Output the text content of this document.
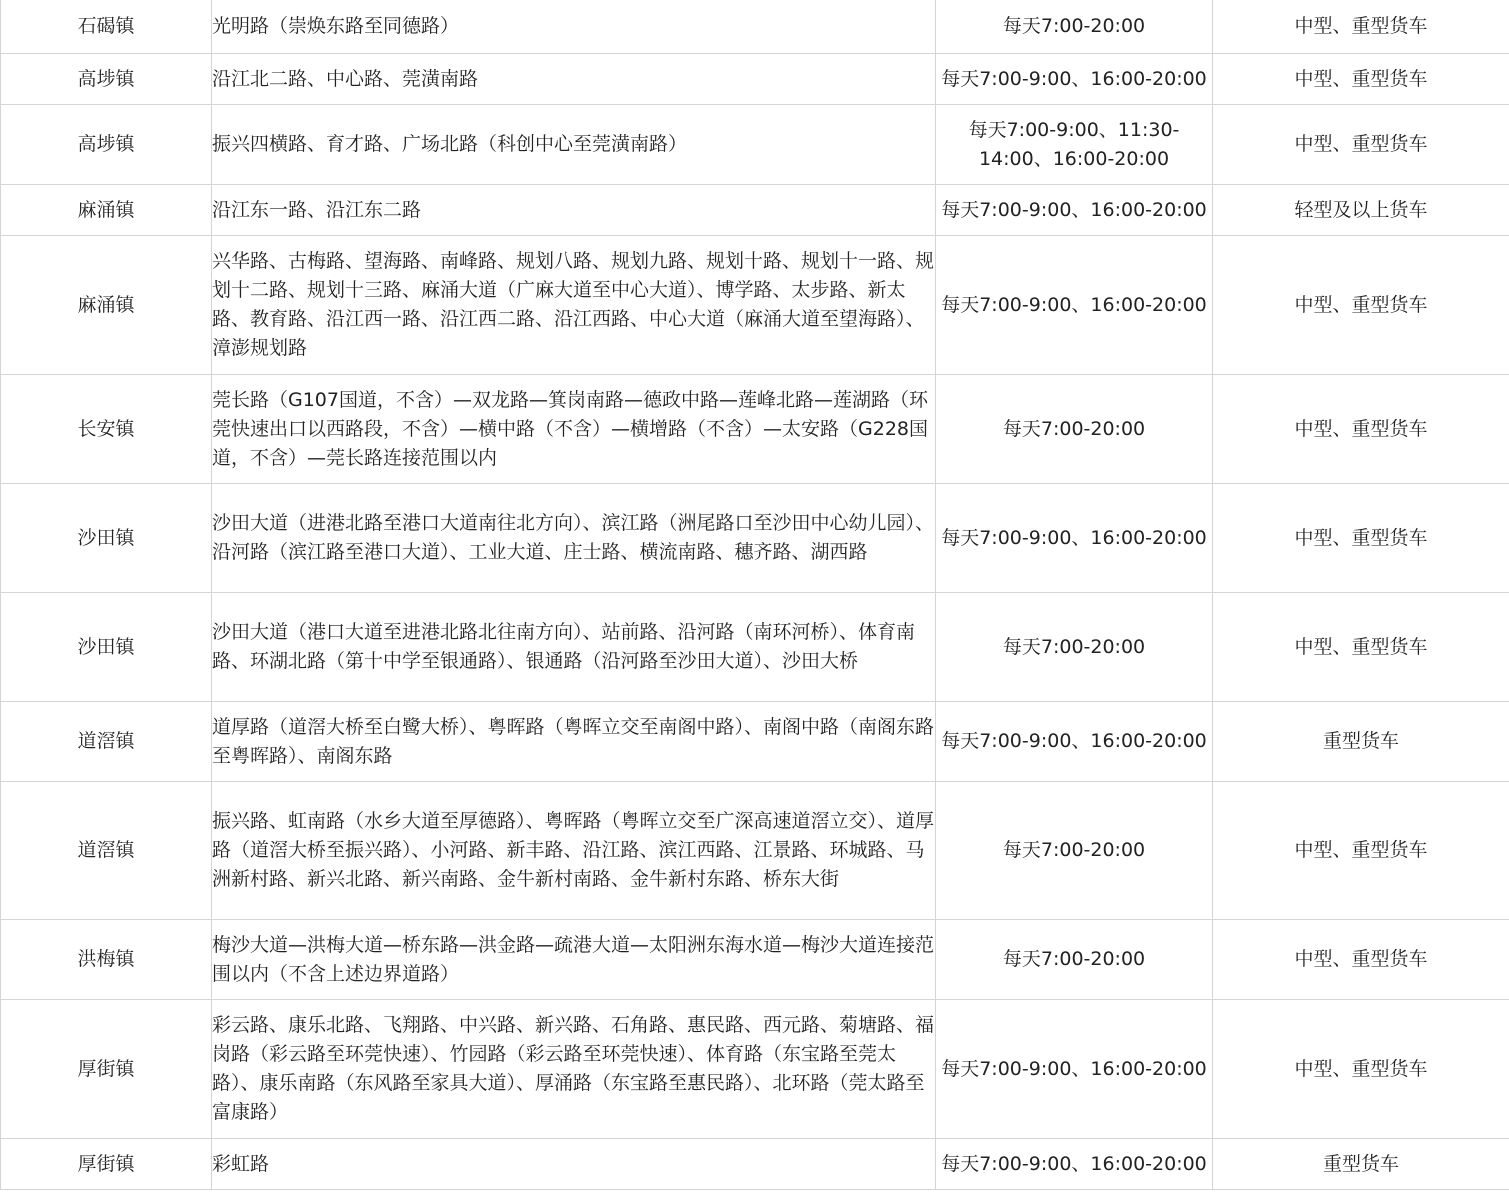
石碣镇	光明路（崇焕东路至同德路）	每天7:00-20:00	中型、重型货车
高埗镇	沿江北二路、中心路、莞潢南路	每天7:00-9:00、16:00-20:00	中型、重型货车
高埗镇	振兴四横路、育才路、广场北路（科创中心至莞潢南路）	每天7:00-9:00、11:30-14:00、16:00-20:00	中型、重型货车
麻涌镇	沿江东一路、沿江东二路	每天7:00-9:00、16:00-20:00	轻型及以上货车
麻涌镇	兴华路、古梅路、望海路、南峰路、规划八路、规划九路、规划十路、规划十一路、规划十二路、规划十三路、麻涌大道（广麻大道至中心大道）、博学路、太步路、新太路、教育路、沿江西一路、沿江西二路、沿江西路、中心大道（麻涌大道至望海路）、漳澎规划路	每天7:00-9:00、16:00-20:00	中型、重型货车
长安镇	莞长路（G107国道，不含）—双龙路—箕岗南路—德政中路—莲峰北路—莲湖路（环莞快速出口以西路段，不含）—横中路（不含）—横增路（不含）—太安路（G228国道，不含）—莞长路连接范围以内	每天7:00-20:00	中型、重型货车
沙田镇	沙田大道（进港北路至港口大道南往北方向）、滨江路（洲尾路口至沙田中心幼儿园）、沿河路（滨江路至港口大道）、工业大道、庄士路、横流南路、穗齐路、湖西路	每天7:00-9:00、16:00-20:00	中型、重型货车
沙田镇	沙田大道（港口大道至进港北路北往南方向）、站前路、沿河路（南环河桥）、体育南路、环湖北路（第十中学至银通路）、银通路（沿河路至沙田大道）、沙田大桥	每天7:00-20:00	中型、重型货车
道滘镇	道厚路（道滘大桥至白鹭大桥）、粤晖路（粤晖立交至南阁中路）、南阁中路（南阁东路至粤晖路）、南阁东路	每天7:00-9:00、16:00-20:00	重型货车
道滘镇	振兴路、虹南路（水乡大道至厚德路）、粤晖路（粤晖立交至广深高速道滘立交）、道厚路（道滘大桥至振兴路）、小河路、新丰路、沿江路、滨江西路、江景路、环城路、马洲新村路、新兴北路、新兴南路、金牛新村南路、金牛新村东路、桥东大街	每天7:00-20:00	中型、重型货车
洪梅镇	梅沙大道—洪梅大道—桥东路—洪金路—疏港大道—太阳洲东海水道—梅沙大道连接范围以内（不含上述边界道路）	每天7:00-20:00	中型、重型货车
厚街镇	彩云路、康乐北路、飞翔路、中兴路、新兴路、石角路、惠民路、西元路、菊塘路、福岗路（彩云路至环莞快速）、竹园路（彩云路至环莞快速）、体育路（东宝路至莞太路）、康乐南路（东风路至家具大道）、厚涌路（东宝路至惠民路）、北环路（莞太路至富康路）	每天7:00-9:00、16:00-20:00	中型、重型货车
厚街镇	彩虹路	每天7:00-9:00、16:00-20:00	重型货车
